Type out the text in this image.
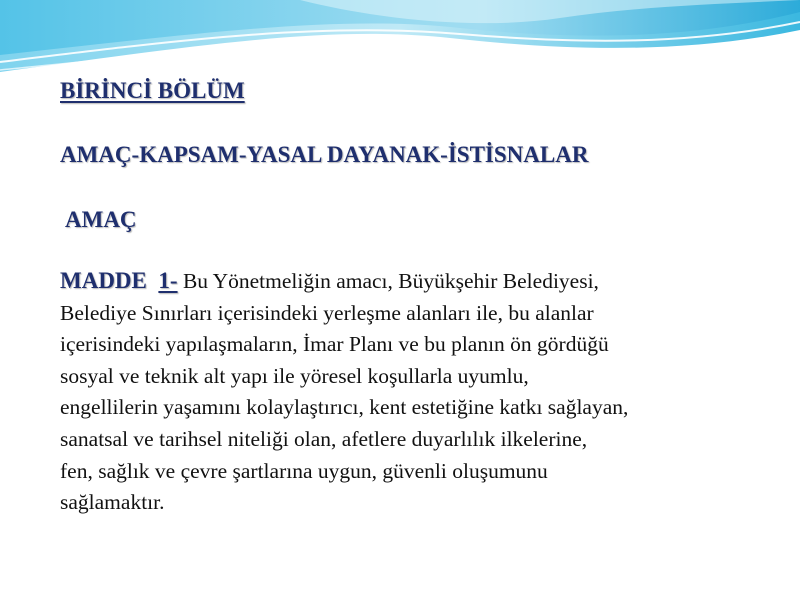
BİRİNCİ BÖLÜM
AMAÇ-KAPSAM-YASAL DAYANAK-İSTİSNALAR
AMAÇ

MADDE 1- Bu Yönetmeliğin amacı, Büyükşehir Belediyesi,
Belediye Sınırları içerisindeki yerleşme alanları ile, bu alanlar
içerisindeki yapılaşmaların, İmar Planı ve bu planın ön gördüğü
sosyal ve teknik alt yapı ile yöresel koşullarla uyumlu,
engellilerin yaşamını kolaylaştırıcı, kent estetiğine katkı sağlayan,
sanatsal ve tarihsel niteliği olan, afetlere duyarlılık ilkelerine,
fen, sağlık ve çevre şartlarına uygun, güvenli oluşumunu
sağlamaktır.
